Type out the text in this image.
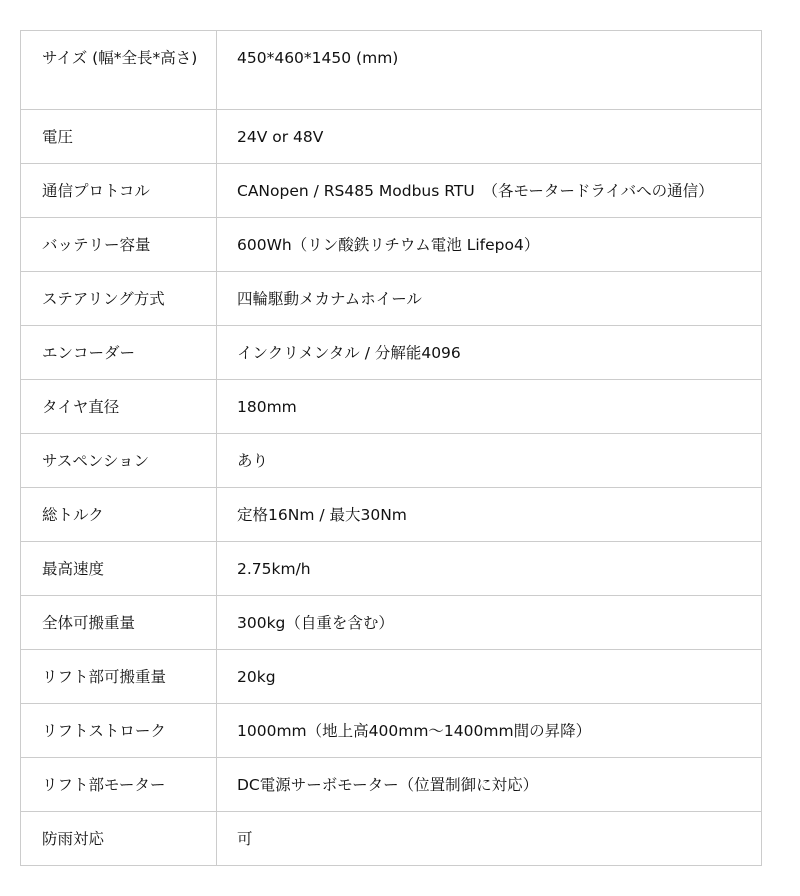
サイズ (幅*全長*高さ)	450*460*1450 (mm)
電圧	24V or 48V
通信プロトコル	CANopen / RS485 Modbus RTU　（各モータードライバへの通信）
バッテリー容量	600Wh（リン酸鉄リチウム電池 Lifepo4）
ステアリング方式	四輪駆動メカナムホイール
エンコーダー	インクリメンタル / 分解能4096
タイヤ直径	180mm
サスペンション	あり
総トルク	定格16Nm / 最大30Nm
最高速度	2.75km/h
全体可搬重量	300kg（自重を含む）
リフト部可搬重量	20kg
リフトストローク	1000mm（地上高400mm〜1400mm間の昇降）
リフト部モーター	DC電源サーボモーター（位置制御に対応）
防雨対応	可
